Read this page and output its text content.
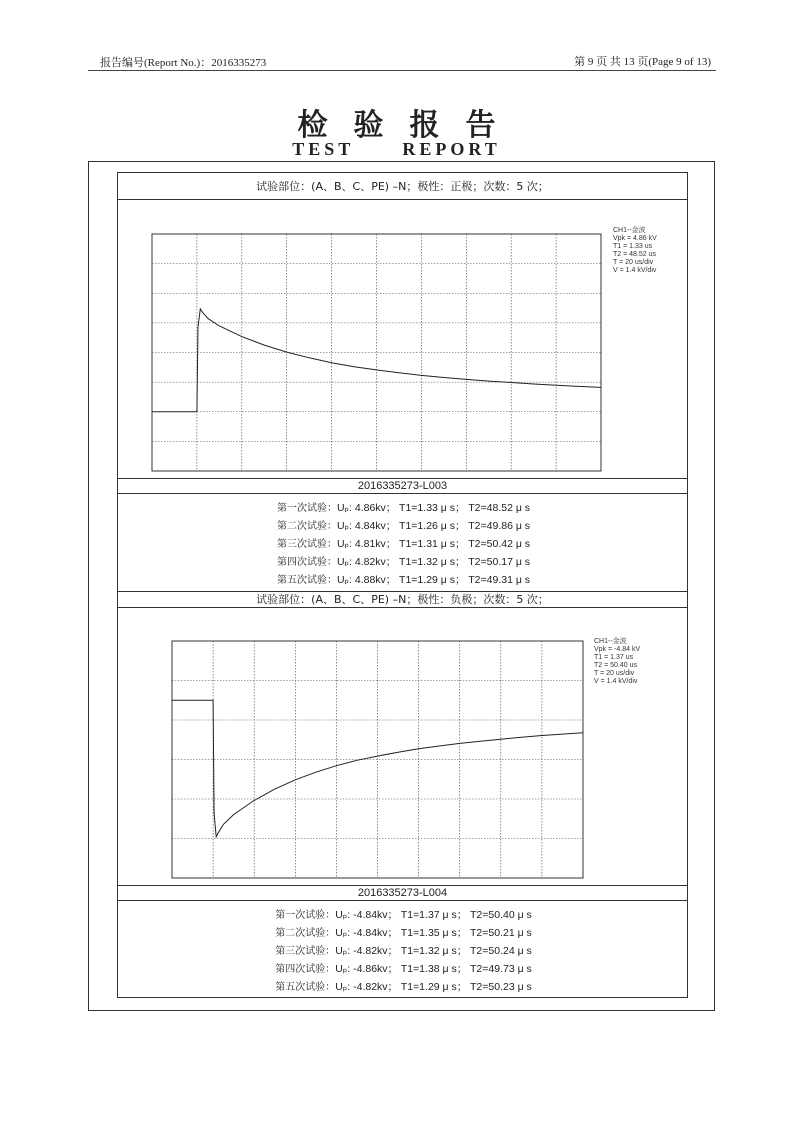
报告编号(Report No.)：2016335273	第 9 页 共 13 页(Page 9 of 13)
检验报告
TEST REPORT
试验部位：(A、B、C、PE) –N；极性：正极；次数：5 次；
CH1--金波
Vpk = 4.86 kV
T1 = 1.33 us
T2 = 48.52 us
T = 20 us/div
V = 1.4 kV/div
2016335273-L003
第一次试验：Uₚ: 4.86kv； T1=1.33 μ s； T2=48.52 μ s
第二次试验：Uₚ: 4.84kv； T1=1.26 μ s； T2=49.86 μ s
第三次试验：Uₚ: 4.81kv； T1=1.31 μ s； T2=50.42 μ s
第四次试验：Uₚ: 4.82kv； T1=1.32 μ s； T2=50.17 μ s
第五次试验：Uₚ: 4.88kv； T1=1.29 μ s； T2=49.31 μ s
试验部位：(A、B、C、PE) –N；极性：负极；次数：5 次；
CH1--金波
Vpk = -4.84 kV
T1 = 1.37 us
T2 = 50.40 us
T = 20 us/div
V = 1.4 kV/div
2016335273-L004
第一次试验：Uₚ: -4.84kv； T1=1.37 μ s； T2=50.40 μ s
第二次试验：Uₚ: -4.84kv； T1=1.35 μ s； T2=50.21 μ s
第三次试验：Uₚ: -4.82kv； T1=1.32 μ s； T2=50.24 μ s
第四次试验：Uₚ: -4.86kv； T1=1.38 μ s； T2=49.73 μ s
第五次试验：Uₚ: -4.82kv； T1=1.29 μ s； T2=50.23 μ s
